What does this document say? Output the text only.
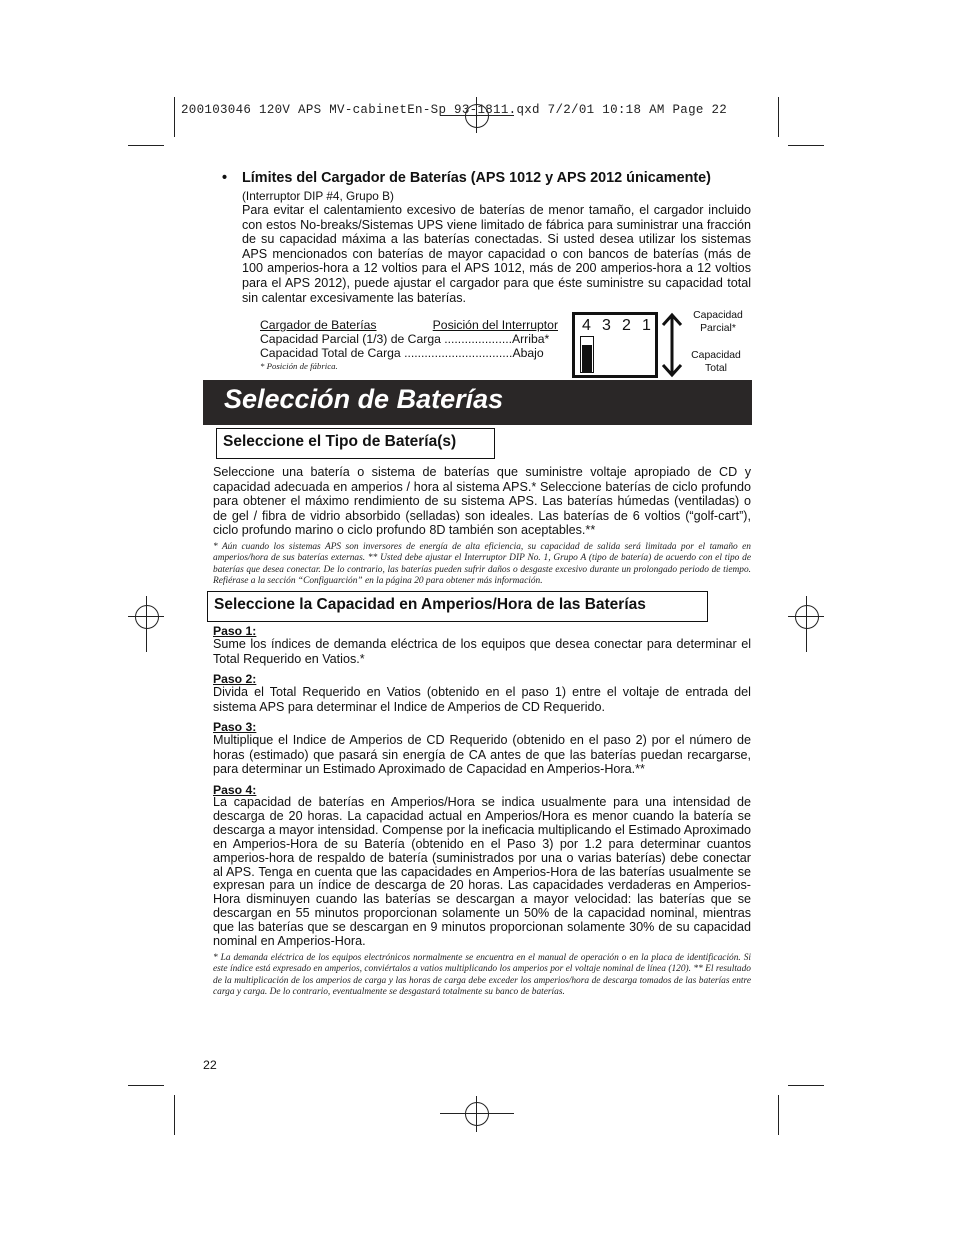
200103046 120V APS MV-cabinetEn-Sp 93-1811.qxd 7/2/01 10:18 AM Page 22
• Límites del Cargador de Baterías (APS 1012 y APS 2012 únicamente)
(Interruptor DIP #4, Grupo B)
Para evitar el calentamiento excesivo de baterías de menor tamaño, el cargador incluido con estos No-breaks/Sistemas UPS viene limitado de fábrica para suministrar una fracción de su capacidad máxima a las baterías conectadas. Si usted desea utilizar los sistemas APS mencionados con baterías de mayor capacidad o con bancos de baterías (más de 100 amperios-hora a 12 voltios para el APS 1012, más de 200 amperios-hora a 12 voltios para el APS 2012), puede ajustar el cargador para que éste suministre su capacidad total sin calentar excesivamente las baterías.
Cargador de Baterías	Posición del Interruptor
Capacidad Parcial (1/3) de Carga ....................Arriba*
Capacidad Total de Carga ................................Abajo
* Posición de fábrica.
4 3 2 1
Capacidad
Parcial*
Capacidad
Total
Selección de Baterías
Seleccione el Tipo de Batería(s)
Seleccione una batería o sistema de baterías que suministre voltaje apropiado de CD y capacidad adecuada en amperios / hora al sistema APS.* Seleccione baterías de ciclo profundo para obtener el máximo rendimiento de su sistema APS. Las baterías húmedas (ventiladas) o de gel / fibra de vidrio absorbido (selladas) son ideales. Las baterías de 6 voltios (“golf-cart”), ciclo profundo marino o ciclo profundo 8D también son aceptables.**
* Aún cuando los sistemas APS son inversores de energía de alta eficiencia, su capacidad de salida será limitada por el tamaño en amperios/hora de sus baterías externas. ** Usted debe ajustar el Interruptor DIP No. 1, Grupo A (tipo de batería) de acuerdo con el tipo de baterías que desea conectar. De lo contrario, las baterías pueden sufrir daños o desgaste excesivo durante un prolongado periodo de tiempo. Refiérase a la sección “Configuarción” en la página 20 para obtener más información.
Seleccione la Capacidad en Amperios/Hora de las Baterías
Paso 1:
Sume los índices de demanda eléctrica de los equipos que desea conectar para determinar el Total Requerido en Vatios.*
Paso 2:
Divida el Total Requerido en Vatios (obtenido en el paso 1) entre el voltaje de entrada del sistema APS para determinar el Indice de Amperios de CD Requerido.
Paso 3:
Multiplique el Indice de Amperios de CD Requerido (obtenido en el paso 2) por el número de horas (estimado) que pasará sin energía de CA antes de que las baterías puedan recargarse, para determinar un Estimado Aproximado de Capacidad en Amperios-Hora.**
Paso 4:
La capacidad de baterías en Amperios/Hora se indica usualmente para una intensidad de descarga de 20 horas. La capacidad actual en Amperios/Hora es menor cuando la batería se descarga a mayor intensidad. Compense por la ineficacia multiplicando el Estimado Aproximado en Amperios-Hora de su Batería (obtenido en el Paso 3) por 1.2 para determinar cuantos amperios-hora de respaldo de batería (suministrados por una o varias baterías) debe conectar al APS. Tenga en cuenta que las capacidades en Amperios-Hora de las baterías usualmente se expresan para un índice de descarga de 20 horas. Las capacidades verdaderas en Amperios-Hora disminuyen cuando las baterías se descargan a mayor velocidad: las baterías que se descargan en 55 minutos proporcionan solamente un 50% de la capacidad nominal, mientras que las baterías que se descargan en 9 minutos proporcionan solamente 30% de su capacidad nominal en Amperios-Hora.
* La demanda eléctrica de los equipos electrónicos normalmente se encuentra en el manual de operación o en la placa de identificación. Si este índice está expresado en amperios, conviértalos a vatios multiplicando los amperios por el voltaje nominal de línea (120). ** El resultado de la multiplicación de los amperios de carga y las horas de carga debe exceder los amperios/hora de descarga tomados de las baterías entre carga y carga. De lo contrario, eventualmente se desgastará totalmente su banco de baterías.
22
